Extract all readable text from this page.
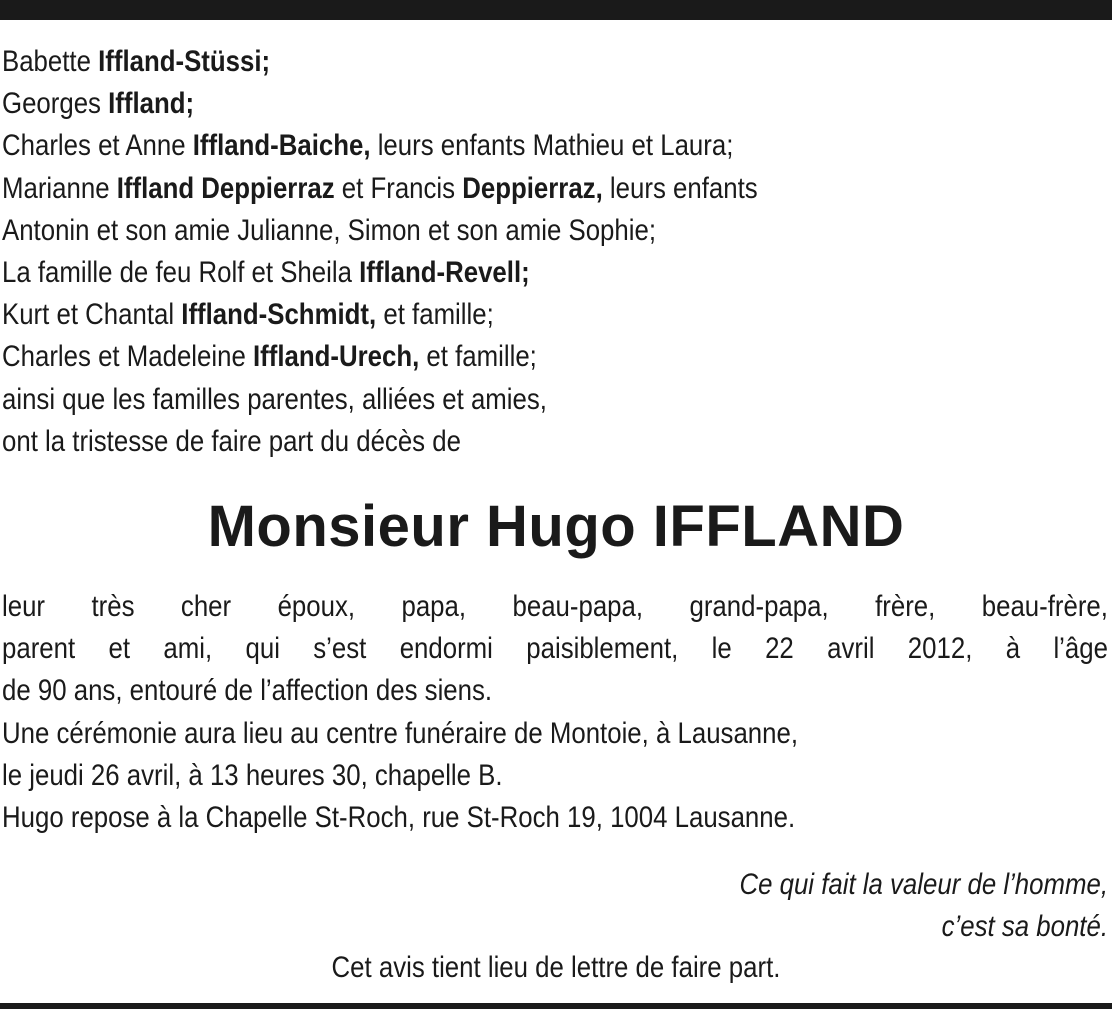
Babette Iffland-Stüssi;
Georges Iffland;
Charles et Anne Iffland-Baiche, leurs enfants Mathieu et Laura;
Marianne Iffland Deppierraz et Francis Deppierraz, leurs enfants
Antonin et son amie Julianne, Simon et son amie Sophie;
La famille de feu Rolf et Sheila Iffland-Revell;
Kurt et Chantal Iffland-Schmidt, et famille;
Charles et Madeleine Iffland-Urech, et famille;
ainsi que les familles parentes, alliées et amies,
ont la tristesse de faire part du décès de
Monsieur Hugo IFFLAND
leur très cher époux, papa, beau-papa, grand-papa, frère, beau-frère,
parent et ami, qui s’est endormi paisiblement, le 22 avril 2012, à l’âge
de 90 ans, entouré de l’affection des siens.
Une cérémonie aura lieu au centre funéraire de Montoie, à Lausanne,
le jeudi 26 avril, à 13 heures 30, chapelle B.
Hugo repose à la Chapelle St-Roch, rue St-Roch 19, 1004 Lausanne.
Ce qui fait la valeur de l’homme,
c’est sa bonté.
Cet avis tient lieu de lettre de faire part.
